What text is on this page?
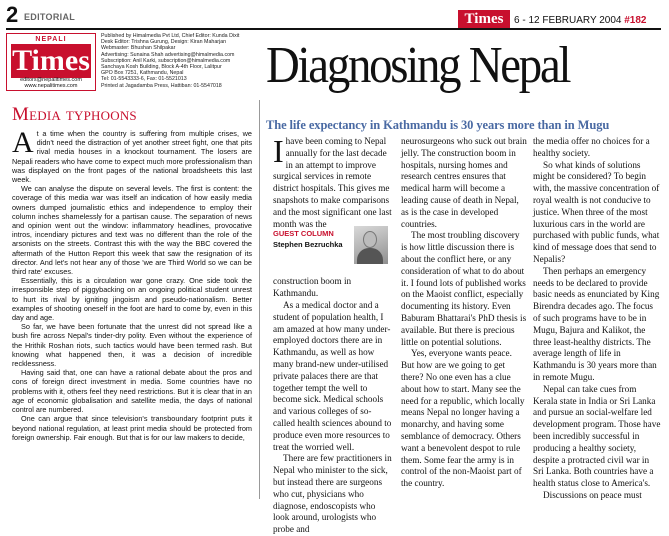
2 EDITORIAL	Times	6 - 12 FEBRUARY 2004 #182
NEPALI
Times
editors@nepalitimes.com www.nepalitimes.com
Published by Himalmedia Pvt Ltd, Chief Editor: Kunda Dixit
Desk Editor: Trishna Gurung, Design: Kiran Maharjan
Webmaster: Bhushan Shilpakar
Advertising: Sunaina Shah advertising@himalmedia.com
Subscription: Anil Karki, subscription@himalmedia.com
Sanchaya Kosh Building, Block A-4th Floor, Lalitpur
GPO Box 7251, Kathmandu, Nepal
Tel: 01-5543333-6, Fax: 01-5521013
Printed at Jagadamba Press, Hattiban: 01-5547018
Media typhoons

At a time when the country is suffering from multiple crises, we didn't need the distraction of yet another street fight, one that pits rival media houses in a knockout tournament. The losers are Nepali readers who have come to expect much more professionalism than was displayed on the front pages of the national broadsheets this last week.

We can analyse the dispute on several levels. The first is content: the coverage of this media war was itself an indication of how easily media owners dumped journalistic ethics and independence to employ their column inches shamelessly for a partisan cause. The separation of news and opinion went out the window: inflammatory headlines, provocative intros, incendiary pictures and text was no different than the role of the arsonists on the streets. Contrast this with the way the BBC covered the aftermath of the Hutton Report this week that saw the resignation of its director. And let's not hear any of those 'we are Third World so we can be third rate' excuses.

Essentially, this is a circulation war gone crazy. One side took the irresponsible step of piggybacking on an ongoing political student unrest to hurt its rival by igniting jingoism and pseudo-nationalism. Better examples of shooting oneself in the foot are hard to come by, even in this day and age.

So far, we have been fortunate that the unrest did not spread like a bush fire across Nepal's tinder-dry polity. Even without the experience of the Hrithik Roshan riots, such tactics would have been termed rash. But knowing what happened then, it was a decision of incredible recklessness.

Having said that, one can have a rational debate about the pros and cons of foreign direct investment in media. Some countries have no problems with it, others feel they need restrictions. But it is clear that in an age of economic globalisation and satellite media, the days of national control are numbered.

One can argue that since television's transboundary footprint puts it beyond national regulation, at least print media should be protected from foreign ownership. Fair enough. But that is for our law makers to decide,

Diagnosing Nepal
The life expectancy in Kathmandu is 30 years more than in Mugu

Ihave been coming to Nepal annually for the last decade in an attempt to improve surgical services in remote district hospitals. This gives me snapshots to make comparisons and the most significant one last month was the

construction boom in Kathmandu.

As a medical doctor and a student of population health, I am amazed at how many under-employed doctors there are in Kathmandu, as well as how many brand-new under-utilised private palaces there are that together tempt the well to become sick. Medical schools and various colleges of so-called health sciences abound to produce even more resources to treat the worried well.

There are few practitioners in Nepal who minister to the sick, but instead there are surgeons who cut, physicians who diagnose, endoscopists who look around, urologists who probe and

GUEST COLUMN
Stephen Bezruchka

neurosurgeons who suck out brain jelly. The construction boom in hospitals, nursing homes and research centres ensures that medical harm will become a leading cause of death in Nepal, as is the case in developed countries.

The most troubling discovery is how little discussion there is about the conflict here, or any consideration of what to do about it. I found lots of published works on the Maoist conflict, especially documenting its history. Even Baburam Bhattarai's PhD thesis is available. But there is precious little on potential solutions.

Yes, everyone wants peace. But how are we going to get there? No one even has a clue about how to start. Many see the need for a republic, which locally means Nepal no longer having a monarchy, and having some semblance of democracy. Others want a benevolent despot to rule them. Some fear the army is in control of the non-Maoist part of the country.

the media offer no choices for a healthy society.

So what kinds of solutions might be considered? To begin with, the massive concentration of royal wealth is not conducive to justice. When three of the most luxurious cars in the world are purchased with public funds, what kind of message does that send to Nepalis?

Then perhaps an emergency needs to be declared to provide basic needs as enunciated by King Birendra decades ago. The focus of such programs have to be in Mugu, Bajura and Kalikot, the three least-healthy districts. The average length of life in Kathmandu is 30 years more than in remote Mugu.

Nepal can take cues from Kerala state in India or Sri Lanka and pursue an social-welfare led development program. Those have been incredibly successful in producing a healthy society, despite a protracted civil war in Sri Lanka. Both countries have a health status close to America's.

Discussions on peace must
